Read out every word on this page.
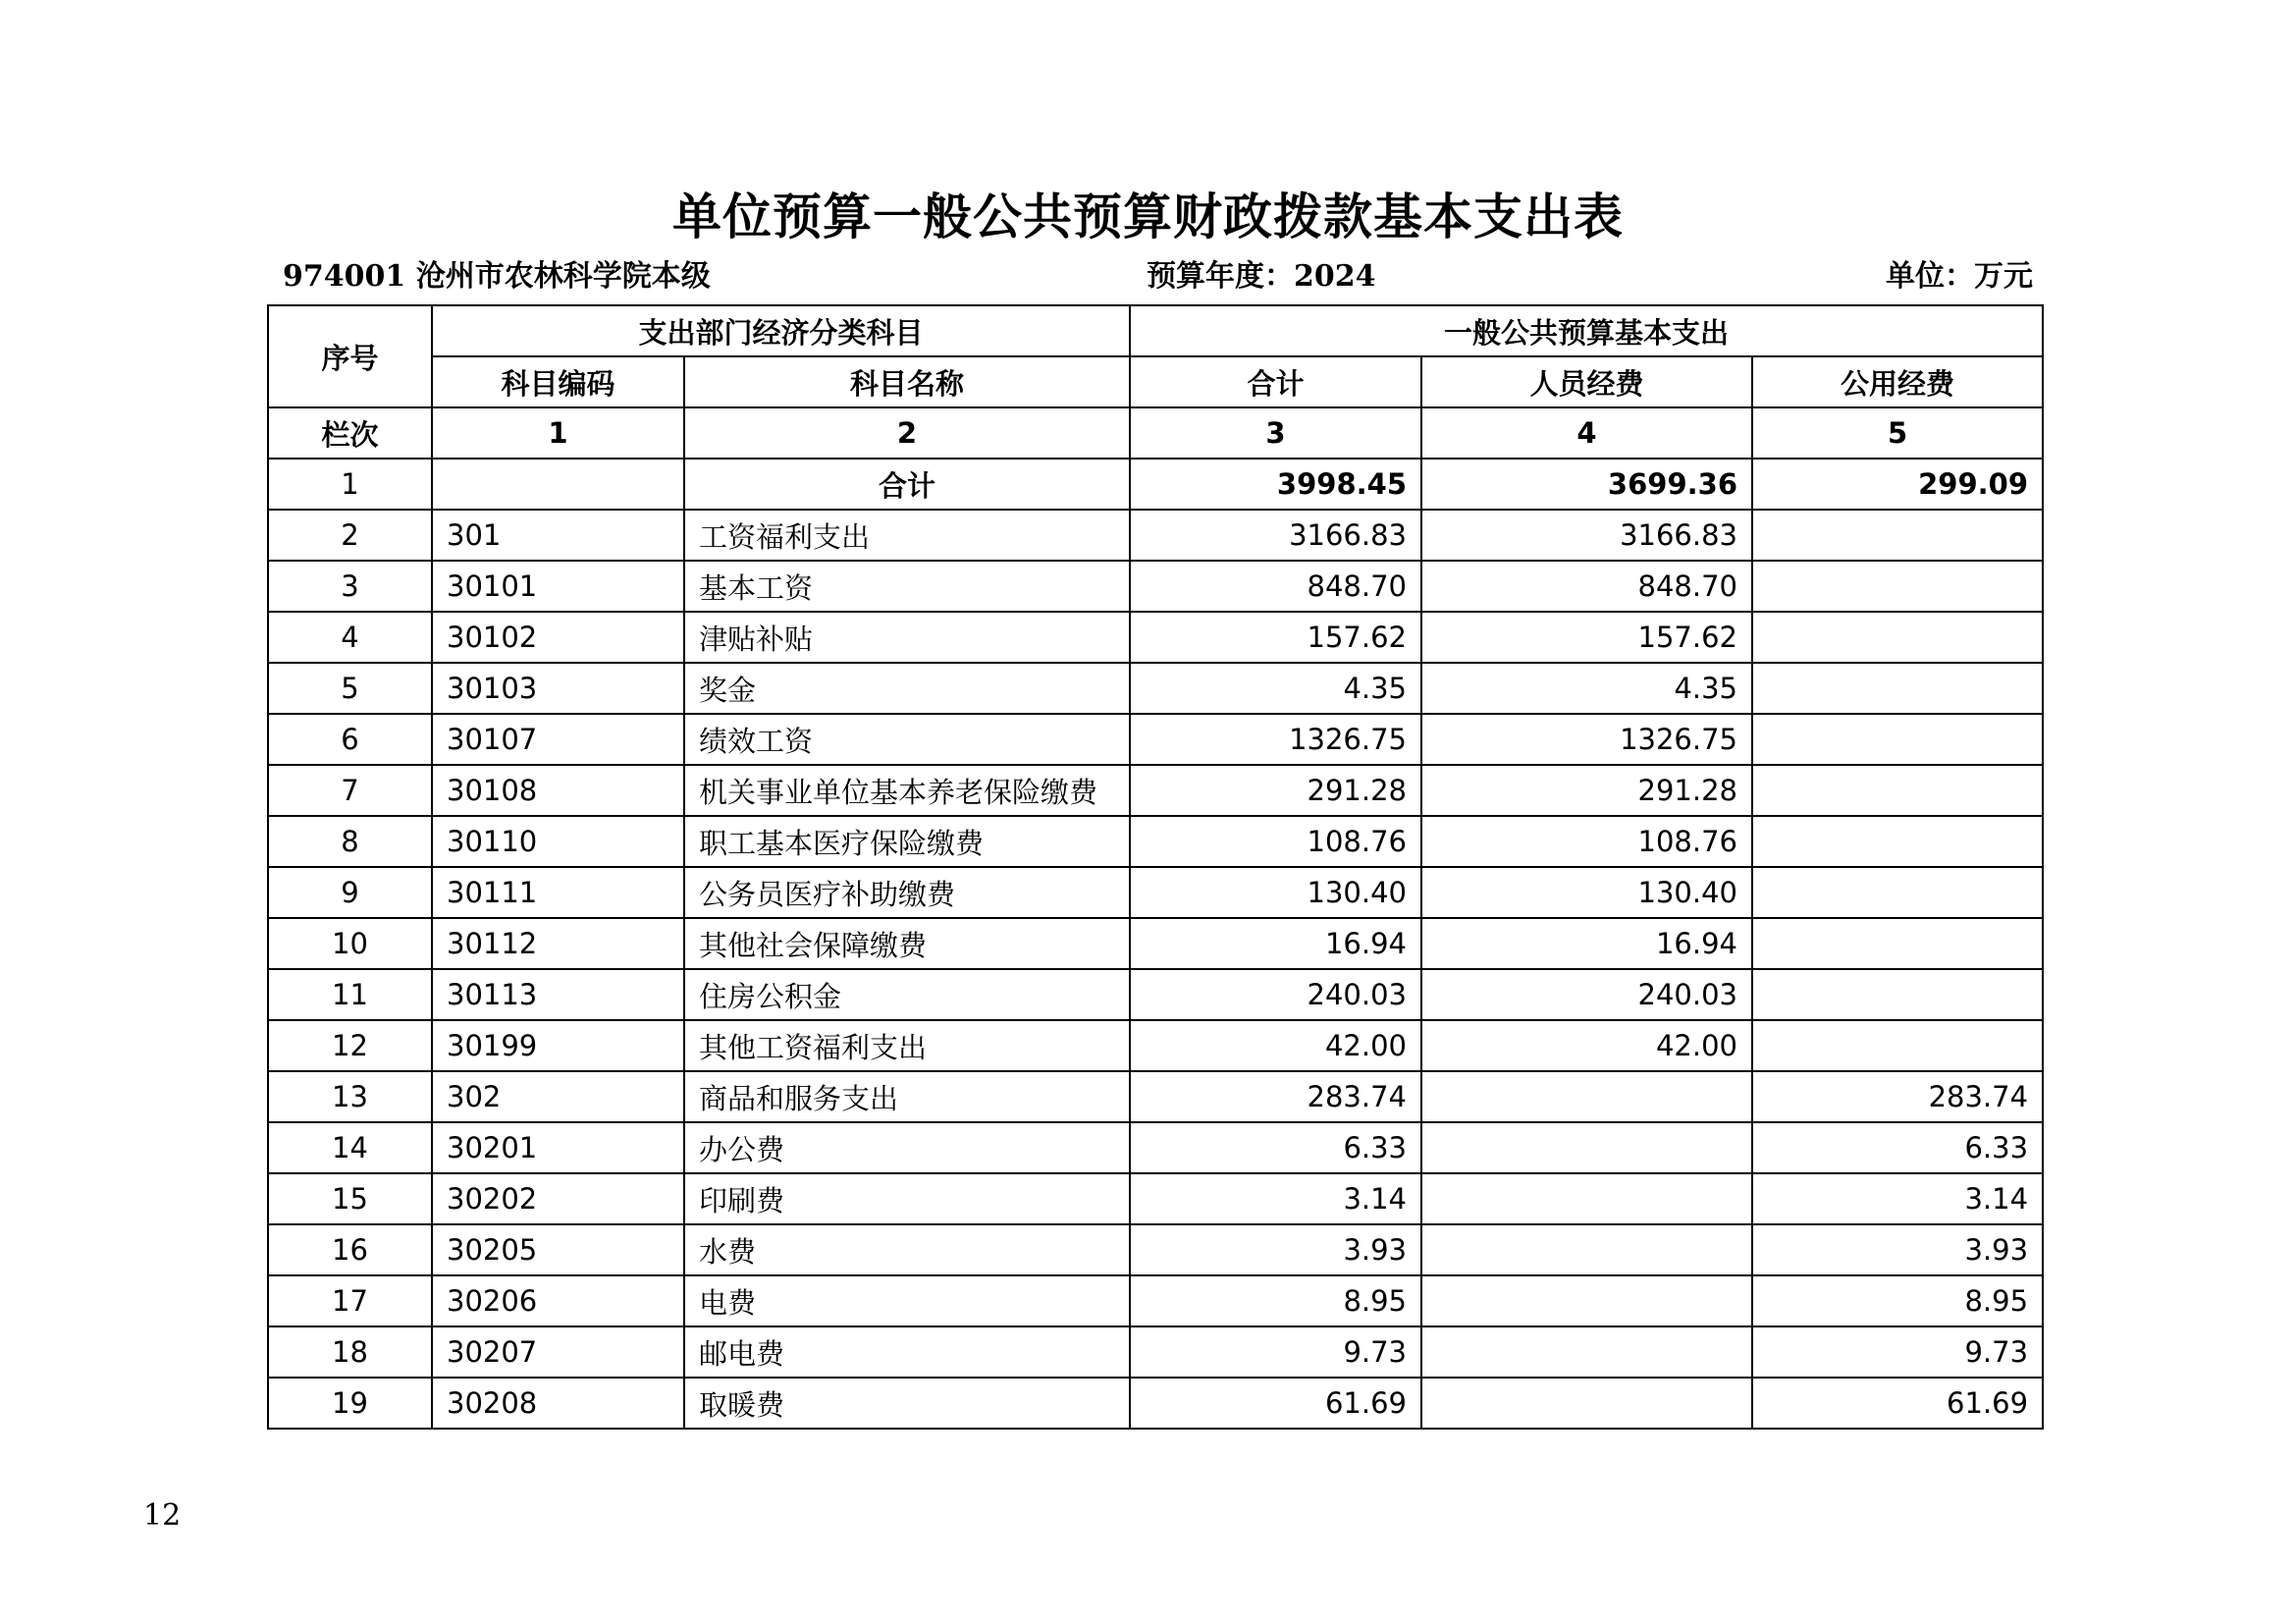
单位预算一般公共预算财政拨款基本支出表
974001 沧州市农林科学院本级	预算年度：2024	单位：万元
序号	支出部门经济分类科目		一般公共预算基本支出		
	科目编码	科目名称	合计	人员经费	公用经费
栏次	1	2	3	4	5
1		合计	3998.45	3699.36	299.09
2	301	工资福利支出	3166.83	3166.83	
3	30101	基本工资	848.70	848.70	
4	30102	津贴补贴	157.62	157.62	
5	30103	奖金	4.35	4.35	
6	30107	绩效工资	1326.75	1326.75	
7	30108	机关事业单位基本养老保险缴费	291.28	291.28	
8	30110	职工基本医疗保险缴费	108.76	108.76	
9	30111	公务员医疗补助缴费	130.40	130.40	
10	30112	其他社会保障缴费	16.94	16.94	
11	30113	住房公积金	240.03	240.03	
12	30199	其他工资福利支出	42.00	42.00	
13	302	商品和服务支出	283.74		283.74
14	30201	办公费	6.33		6.33
15	30202	印刷费	3.14		3.14
16	30205	水费	3.93		3.93
17	30206	电费	8.95		8.95
18	30207	邮电费	9.73		9.73
19	30208	取暖费	61.69		61.69
12
